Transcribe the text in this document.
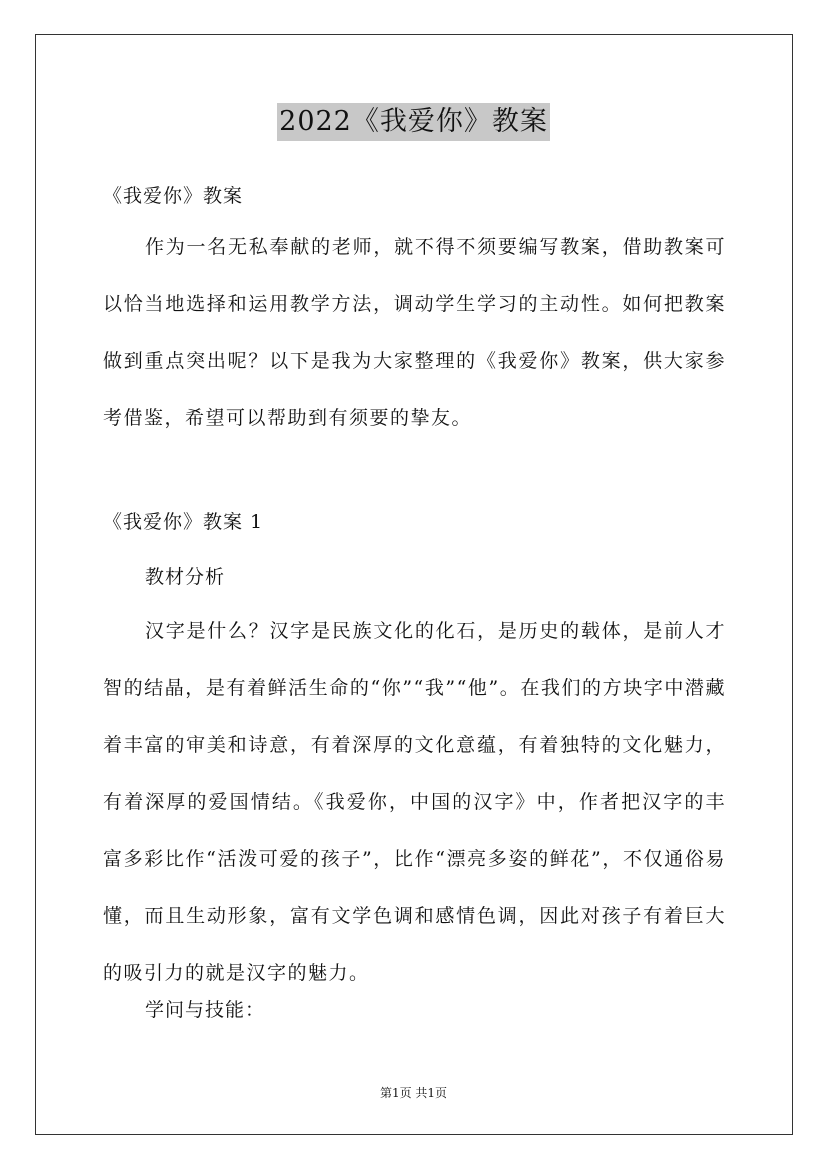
2022《我爱你》教案
《我爱你》教案
作为一名无私奉献的老师，就不得不须要编写教案，借助教案可以恰当地选择和运用教学方法，调动学生学习的主动性。如何把教案做到重点突出呢？以下是我为大家整理的《我爱你》教案，供大家参考借鉴，希望可以帮助到有须要的挚友。
《我爱你》教案 1
教材分析
汉字是什么？汉字是民族文化的化石，是历史的载体，是前人才智的结晶，是有着鲜活生命的“你”“我”“他”。在我们的方块字中潜藏着丰富的审美和诗意，有着深厚的文化意蕴，有着独特的文化魅力，有着深厚的爱国情结。《我爱你，中国的汉字》中，作者把汉字的丰富多彩比作“活泼可爱的孩子”，比作“漂亮多姿的鲜花”，不仅通俗易懂，而且生动形象，富有文学色调和感情色调，因此对孩子有着巨大的吸引力的就是汉字的魅力。
学问与技能：
第1页 共1页
